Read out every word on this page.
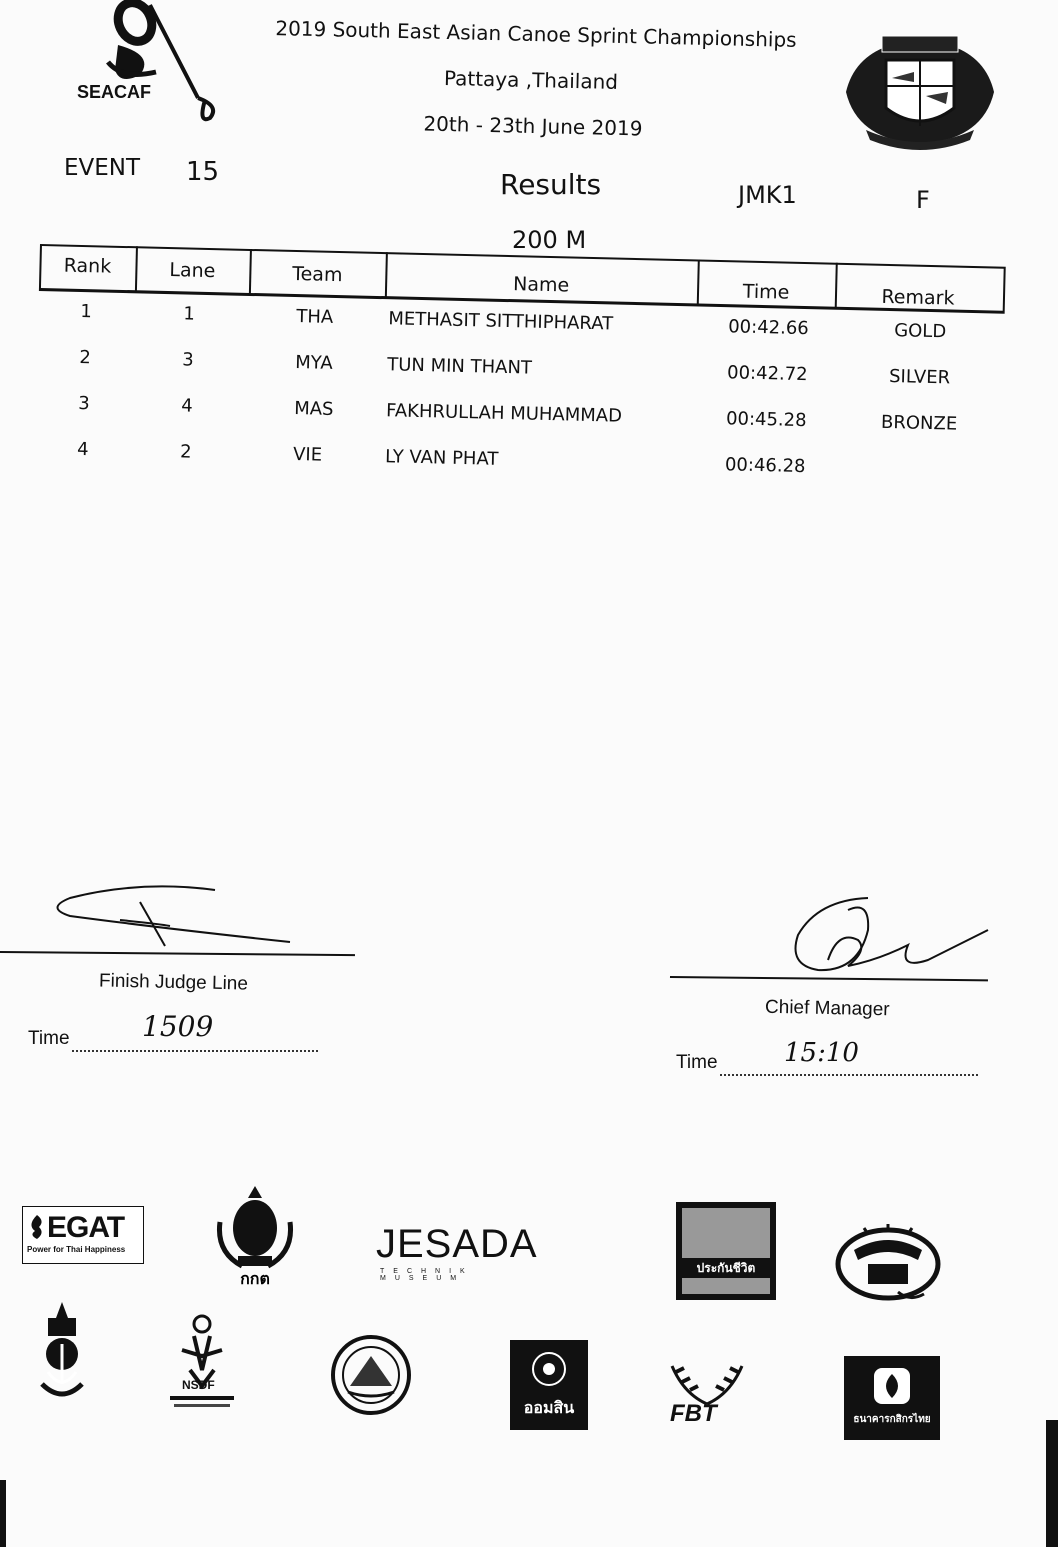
SEACAF
2019 South East Asian Canoe Sprint Championships
Pattaya ,Thailand
20th - 23th June 2019
EVENT 15	Results	JMK1	F
200 M
Rank	Lane	Team	Name	Time	Remark
1	1	THA	METHASIT SITTHIPHARAT	00:42.66	GOLD
2	3	MYA	TUN MIN THANT	00:42.72	SILVER
3	4	MAS	FAKHRULLAH MUHAMMAD	00:45.28	BRONZE
4	2	VIE	LY VAN PHAT	00:46.28
Finish Judge Line
Time	1509
Chief Manager
Time	15:10
EGAT
Power for Thai Happiness
กกต
JESADA
TECHNIK MUSEUM
ประกันชีวิต
NSDF
ออมสิน	FBT	ธนาคารกสิกรไทย
